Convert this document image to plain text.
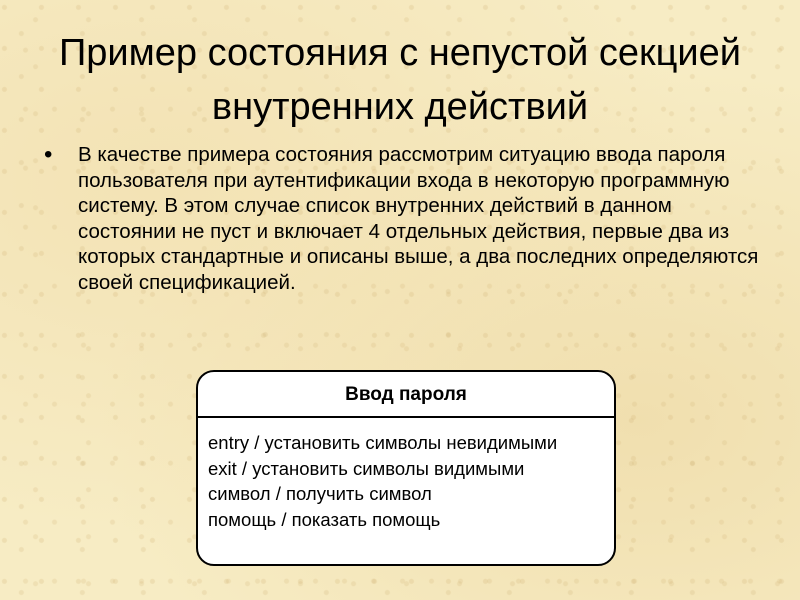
Пример состояния с непустой секцией внутренних действий
• В качестве примера состояния рассмотрим ситуацию ввода пароля пользователя при аутентификации входа в некоторую программную систему. В этом случае список внутренних действий в данном состоянии не пуст и включает 4 отдельных действия, первые два из которых стандартные и описаны выше, а два последних определяются своей спецификацией.

Ввод пароля
entry / установить символы невидимыми
exit / установить символы видимыми
символ / получить символ
помощь / показать помощь
